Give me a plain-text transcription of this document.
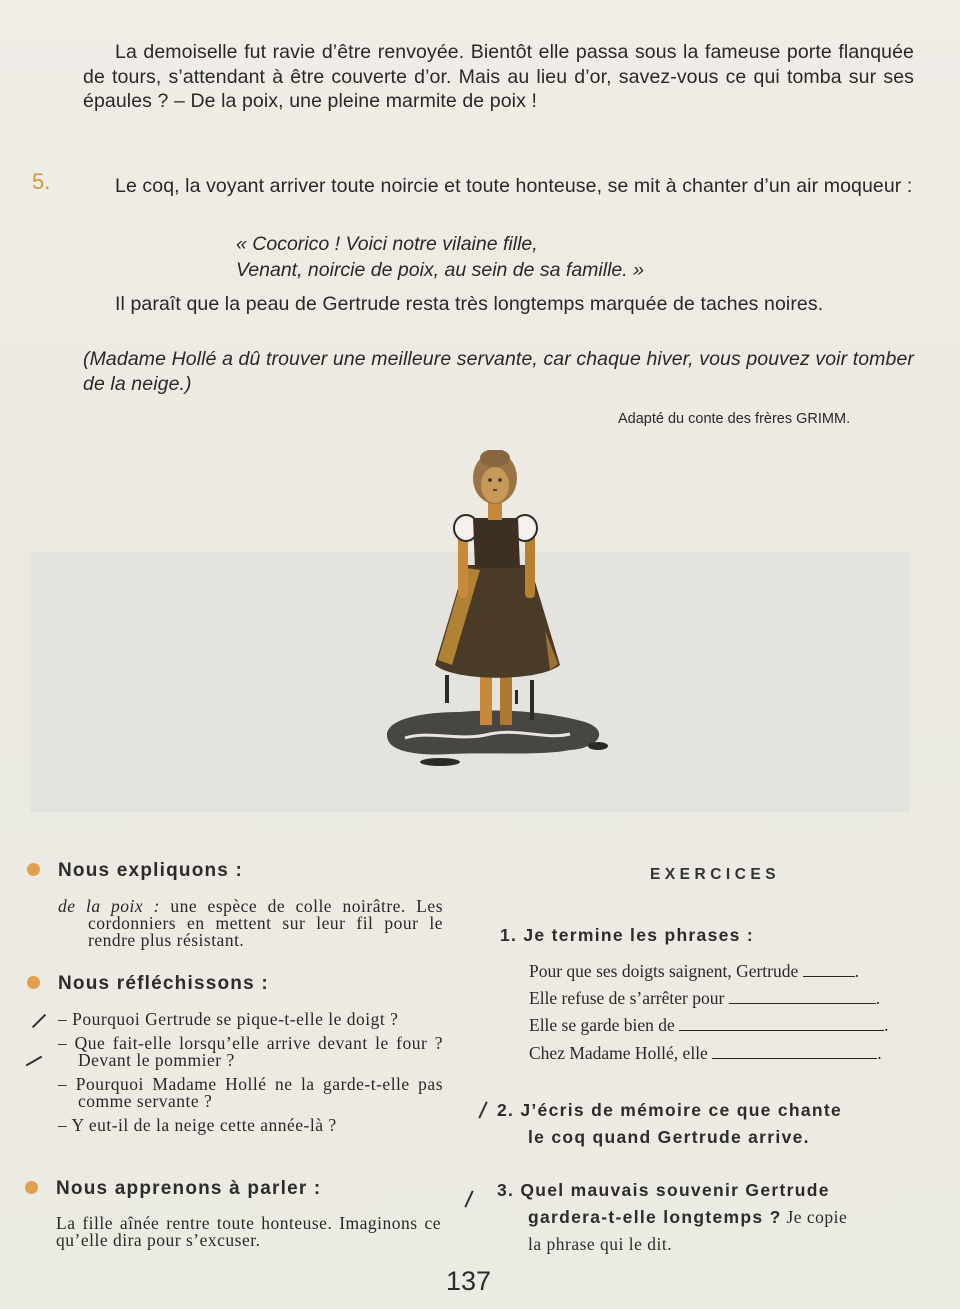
La demoiselle fut ravie d’être renvoyée. Bientôt elle passa sous la fameuse porte flanquée de tours, s’attendant à être couverte d’or. Mais au lieu d’or, savez-vous ce qui tomba sur ses épaules ? – De la poix, une pleine marmite de poix !

5.	Le coq, la voyant arriver toute noircie et toute honteuse, se mit à chanter d’un air moqueur :

« Cocorico ! Voici notre vilaine fille,
Venant, noircie de poix, au sein de sa famille. »

Il paraît que la peau de Gertrude resta très longtemps marquée de taches noires.

(Madame Hollé a dû trouver une meilleure servante, car chaque hiver, vous pouvez voir tomber de la neige.)

Adapté du conte des frères GRIMM.
Nous expliquons :
de la poix : une espèce de colle noirâtre. Les cordonniers en mettent sur leur fil pour le rendre plus résistant.
Nous réfléchissons :

– Pourquoi Gertrude se pique-t-elle le doigt ?

– Que fait-elle lorsqu’elle arrive devant le four ? Devant le pommier ?

– Pourquoi Madame Hollé ne la garde-t-elle pas comme servante ?

– Y eut-il de la neige cette année-là ?

Nous apprenons à parler :
La fille aînée rentre toute honteuse. Imaginons ce qu’elle dira pour s’excuser.
EXERCICES
1. Je termine les phrases :
Pour que ses doigts saignent, Gertrude	.
Elle refuse de s’arrêter pour	.
Elle se garde bien de	.
Chez Madame Hollé, elle	.
2. J’écris de mémoire ce que chante
le coq quand Gertrude arrive.
3. Quel mauvais souvenir Gertrude
gardera-t-elle longtemps ? Je copie
la phrase qui le dit.
137
